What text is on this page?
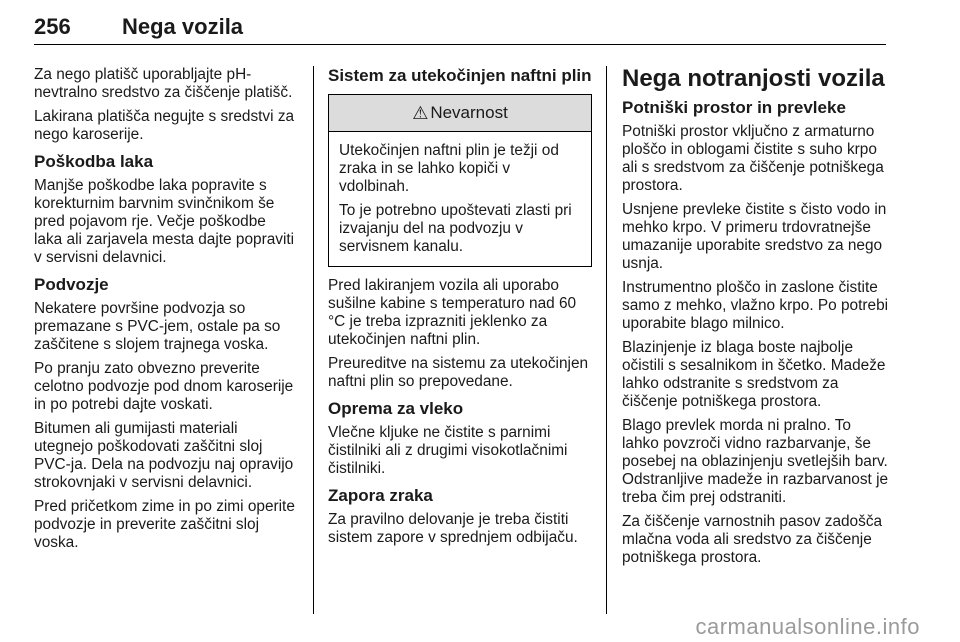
256 Nega vozila

Za nego platišč uporabljajte pH-nevtralno sredstvo za čiščenje platišč.

Lakirana platišča negujte s sredstvi za nego karoserije.

Poškodba laka

Manjše poškodbe laka popravite s korekturnim barvnim svinčnikom še pred pojavom rje. Večje poškodbe laka ali zarjavela mesta dajte popraviti v servisni delavnici.

Podvozje

Nekatere površine podvozja so premazane s PVC-jem, ostale pa so zaščitene s slojem trajnega voska.

Po pranju zato obvezno preverite celotno podvozje pod dnom karoserije in po potrebi dajte voskati.

Bitumen ali gumijasti materiali utegnejo poškodovati zaščitni sloj PVC-ja. Dela na podvozju naj opravijo strokovnjaki v servisni delavnici.

Pred pričetkom zime in po zimi operite podvozje in preverite zaščitni sloj voska.

Sistem za utekočinjen naftni plin
⚠ Nevarnost

Utekočinjen naftni plin je težji od zraka in se lahko kopiči v vdolbinah.

To je potrebno upoštevati zlasti pri izvajanju del na podvozju v servisnem kanalu.

Pred lakiranjem vozila ali uporabo sušilne kabine s temperaturo nad 60 °C je treba izprazniti jeklenko za utekočinjen naftni plin.

Preureditve na sistemu za utekočinjen naftni plin so prepovedane.

Oprema za vleko

Vlečne kljuke ne čistite s parnimi čistilniki ali z drugimi visokotlačnimi čistilniki.

Zapora zraka

Za pravilno delovanje je treba čistiti sistem zapore v sprednjem odbijaču.

Nega notranjosti vozila
Potniški prostor in prevleke

Potniški prostor vključno z armaturno ploščo in oblogami čistite s suho krpo ali s sredstvom za čiščenje potniškega prostora.

Usnjene prevleke čistite s čisto vodo in mehko krpo. V primeru trdovratnejše umazanije uporabite sredstvo za nego usnja.

Instrumentno ploščo in zaslone čistite samo z mehko, vlažno krpo. Po potrebi uporabite blago milnico.

Blazinjenje iz blaga boste najbolje očistili s sesalnikom in ščetko. Madeže lahko odstranite s sredstvom za čiščenje potniškega prostora.

Blago prevlek morda ni pralno. To lahko povzroči vidno razbarvanje, še posebej na oblazinjenju svetlejših barv. Odstranljive madeže in razbarvanost je treba čim prej odstraniti.

Za čiščenje varnostnih pasov zadošča mlačna voda ali sredstvo za čiščenje potniškega prostora.

carmanualsonline.info
